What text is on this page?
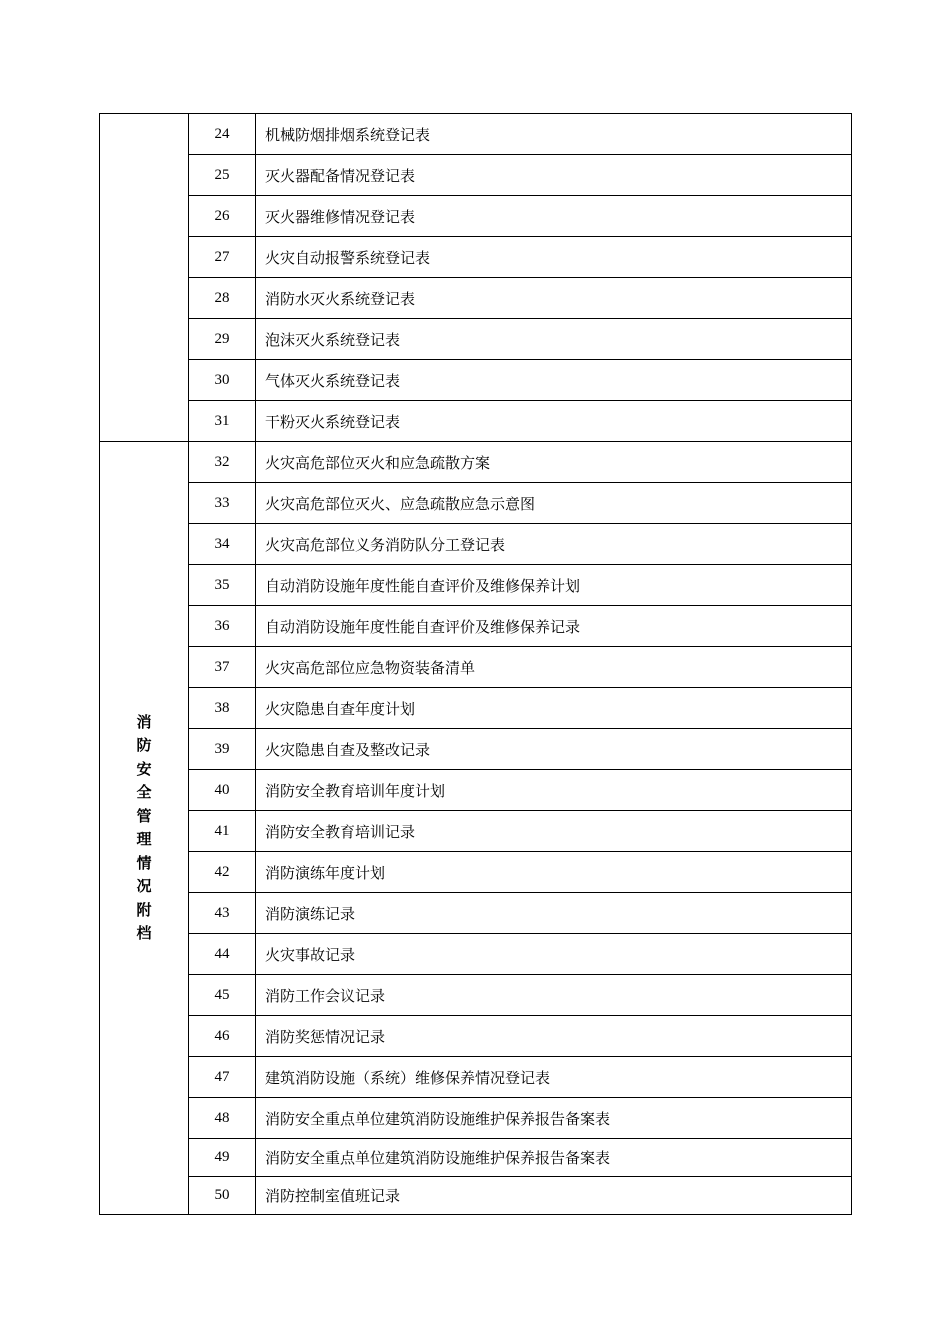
	24	机械防烟排烟系统登记表
	25	灭火器配备情况登记表
	26	灭火器维修情况登记表
	27	火灾自动报警系统登记表
	28	消防水灭火系统登记表
	29	泡沫灭火系统登记表
	30	气体灭火系统登记表
	31	干粉灭火系统登记表
消防安全管理情况附档	32	火灾高危部位灭火和应急疏散方案
	33	火灾高危部位灭火、应急疏散应急示意图
	34	火灾高危部位义务消防队分工登记表
	35	自动消防设施年度性能自查评价及维修保养计划
	36	自动消防设施年度性能自查评价及维修保养记录
	37	火灾高危部位应急物资装备清单
	38	火灾隐患自查年度计划
	39	火灾隐患自查及整改记录
	40	消防安全教育培训年度计划
	41	消防安全教育培训记录
	42	消防演练年度计划
	43	消防演练记录
	44	火灾事故记录
	45	消防工作会议记录
	46	消防奖惩情况记录
	47	建筑消防设施（系统）维修保养情况登记表
	48	消防安全重点单位建筑消防设施维护保养报告备案表
	49	消防安全重点单位建筑消防设施维护保养报告备案表
	50	消防控制室值班记录
